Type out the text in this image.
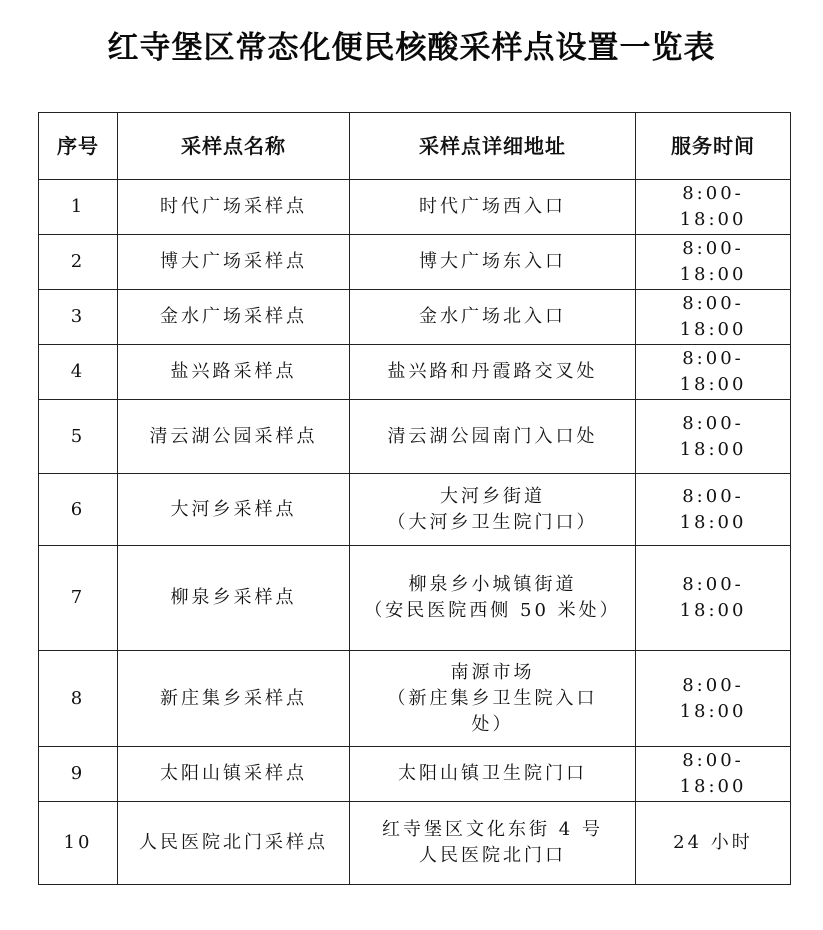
红寺堡区常态化便民核酸采样点设置一览表
序号	采样点名称	采样点详细地址	服务时间
1	时代广场采样点	时代广场西入口	8:00-
18:00
2	博大广场采样点	博大广场东入口	8:00-
18:00
3	金水广场采样点	金水广场北入口	8:00-
18:00
4	盐兴路采样点	盐兴路和丹霞路交叉处	8:00-
18:00
5	清云湖公园采样点	清云湖公园南门入口处	8:00-
18:00
6	大河乡采样点	大河乡街道
（大河乡卫生院门口）	8:00-
18:00
7	柳泉乡采样点	柳泉乡小城镇街道
（安民医院西侧 50 米处）	8:00-
18:00
8	新庄集乡采样点	南源市场
（新庄集乡卫生院入口
处）	8:00-
18:00
9	太阳山镇采样点	太阳山镇卫生院门口	8:00-
18:00
10	人民医院北门采样点	红寺堡区文化东街 4 号
人民医院北门口	24 小时
